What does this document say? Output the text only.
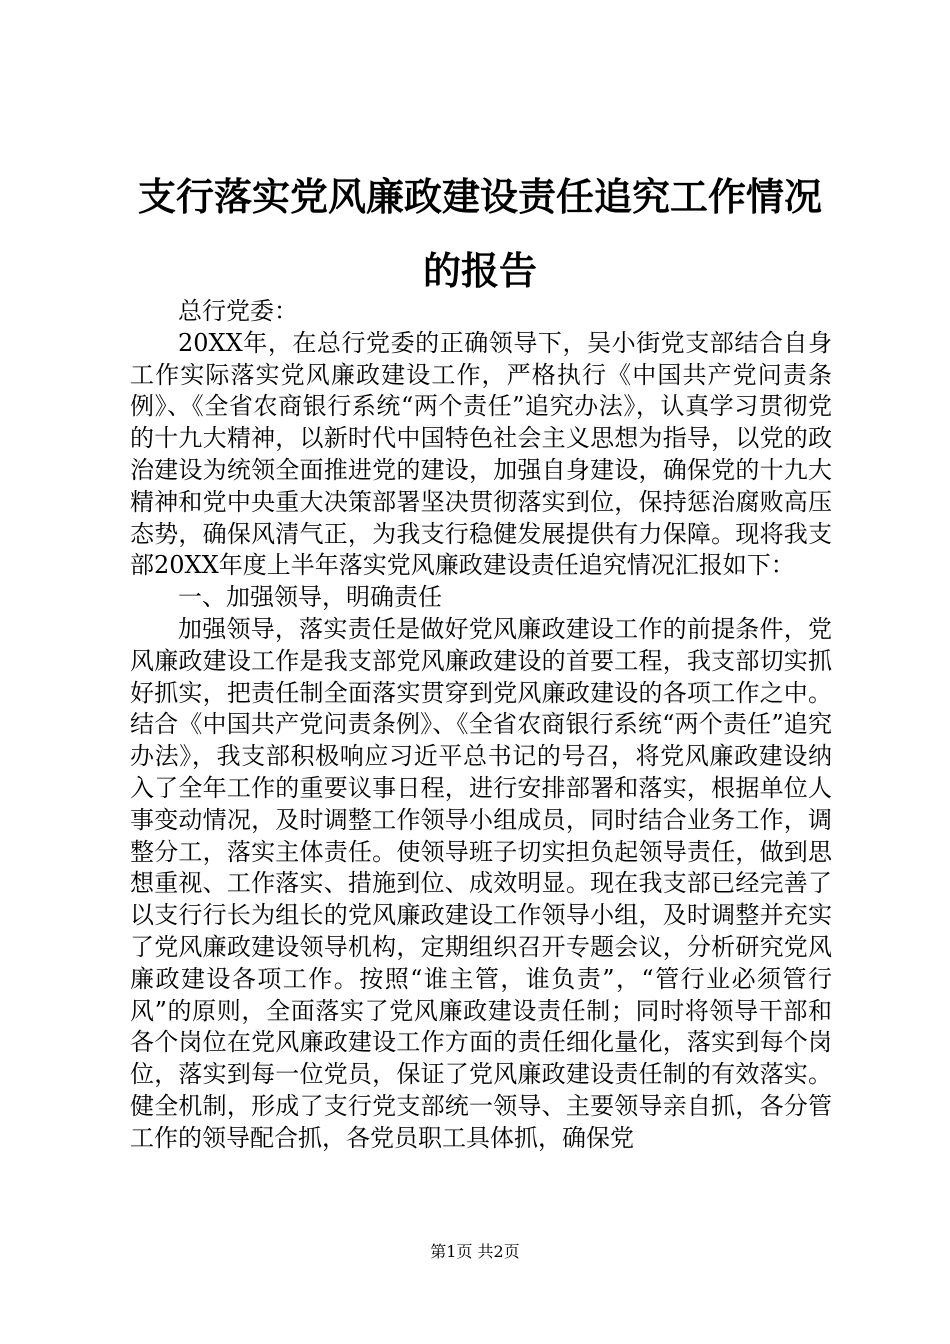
支行落实党风廉政建设责任追究工作情况的报告

总行党委：

20XX年，在总行党委的正确领导下，吴小街党支部结合自身工作实际落实党风廉政建设工作，严格执行《中国共产党问责条例》、《全省农商银行系统“两个责任”追究办法》，认真学习贯彻党的十九大精神，以新时代中国特色社会主义思想为指导，以党的政治建设为统领全面推进党的建设，加强自身建设，确保党的十九大精神和党中央重大决策部署坚决贯彻落实到位，保持惩治腐败高压态势，确保风清气正，为我支行稳健发展提供有力保障。现将我支部20XX年度上半年落实党风廉政建设责任追究情况汇报如下：

一、加强领导，明确责任

加强领导，落实责任是做好党风廉政建设工作的前提条件，党风廉政建设工作是我支部党风廉政建设的首要工程，我支部切实抓好抓实，把责任制全面落实贯穿到党风廉政建设的各项工作之中。结合《中国共产党问责条例》、《全省农商银行系统“两个责任”追究办法》，我支部积极响应习近平总书记的号召，将党风廉政建设纳入了全年工作的重要议事日程，进行安排部署和落实，根据单位人事变动情况，及时调整工作领导小组成员，同时结合业务工作，调整分工，落实主体责任。使领导班子切实担负起领导责任，做到思想重视、工作落实、措施到位、成效明显。现在我支部已经完善了以支行行长为组长的党风廉政建设工作领导小组，及时调整并充实了党风廉政建设领导机构，定期组织召开专题会议，分析研究党风廉政建设各项工作。按照“谁主管，谁负责”，“管行业必须管行风”的原则，全面落实了党风廉政建设责任制；同时将领导干部和各个岗位在党风廉政建设工作方面的责任细化量化，落实到每个岗位，落实到每一位党员，保证了党风廉政建设责任制的有效落实。健全机制，形成了支行党支部统一领导、主要领导亲自抓，各分管工作的领导配合抓，各党员职工具体抓，确保党

第1页 共2页
